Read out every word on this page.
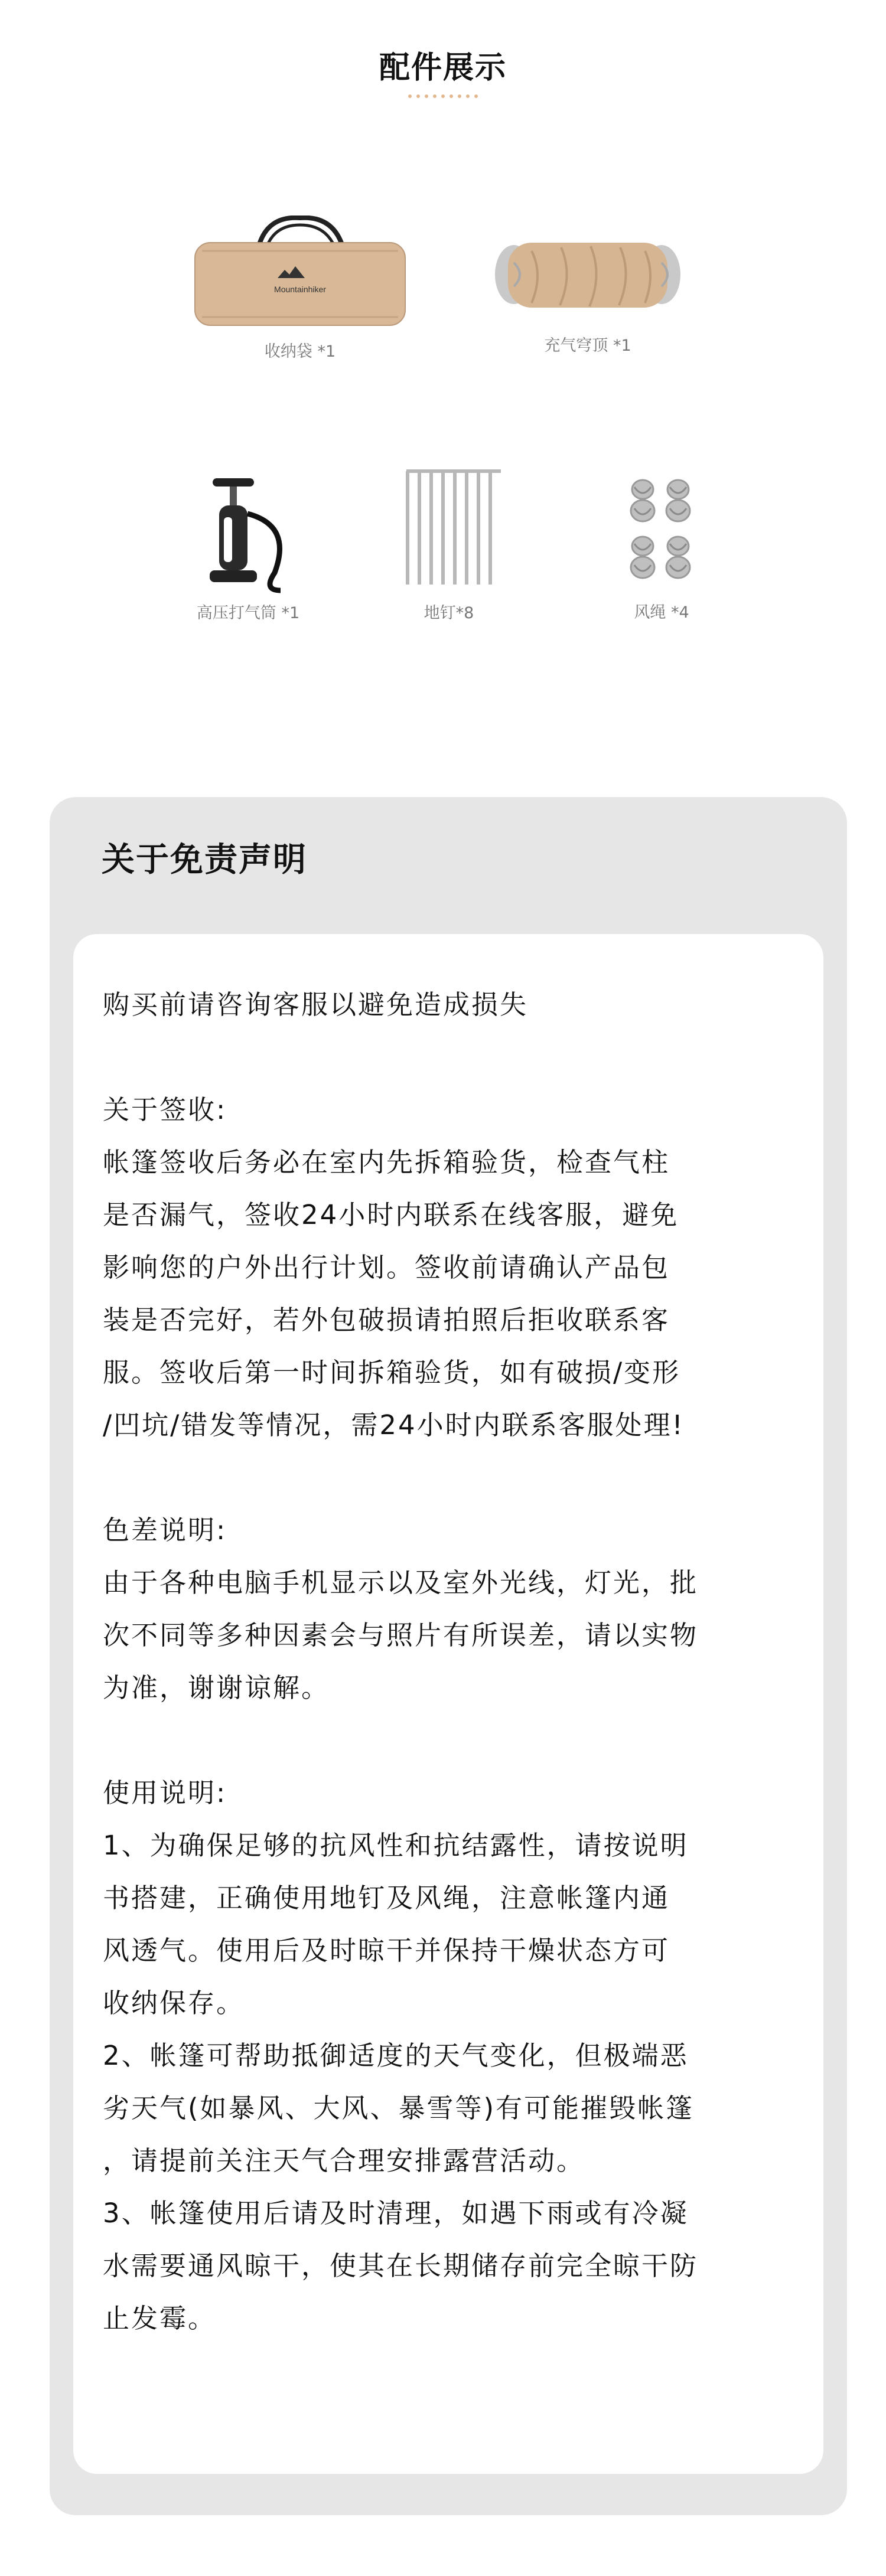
配件展示
Mountainhiker
收纳袋 *1	充气穹顶 *1
高压打气筒 *1	地钉*8	风绳 *4
关于免责声明

购买前请咨询客服以避免造成损失

关于签收:

帐篷签收后务必在室内先拆箱验货，检查气柱

是否漏气，签收24小时内联系在线客服，避免

影响您的户外出行计划。签收前请确认产品包

装是否完好，若外包破损请拍照后拒收联系客

服。签收后第一时间拆箱验货，如有破损/变形

/凹坑/错发等情况，需24小时内联系客服处理!

色差说明:

由于各种电脑手机显示以及室外光线，灯光，批

次不同等多种因素会与照片有所误差，请以实物

为准，谢谢谅解。

使用说明:

1、为确保足够的抗风性和抗结露性，请按说明

书搭建，正确使用地钉及风绳，注意帐篷内通

风透气。使用后及时晾干并保持干燥状态方可

收纳保存。

2、帐篷可帮助抵御适度的天气变化，但极端恶

劣天气(如暴风、大风、暴雪等)有可能摧毁帐篷

，请提前关注天气合理安排露营活动。

3、帐篷使用后请及时清理，如遇下雨或有冷凝

水需要通风晾干，使其在长期储存前完全晾干防

止发霉。
